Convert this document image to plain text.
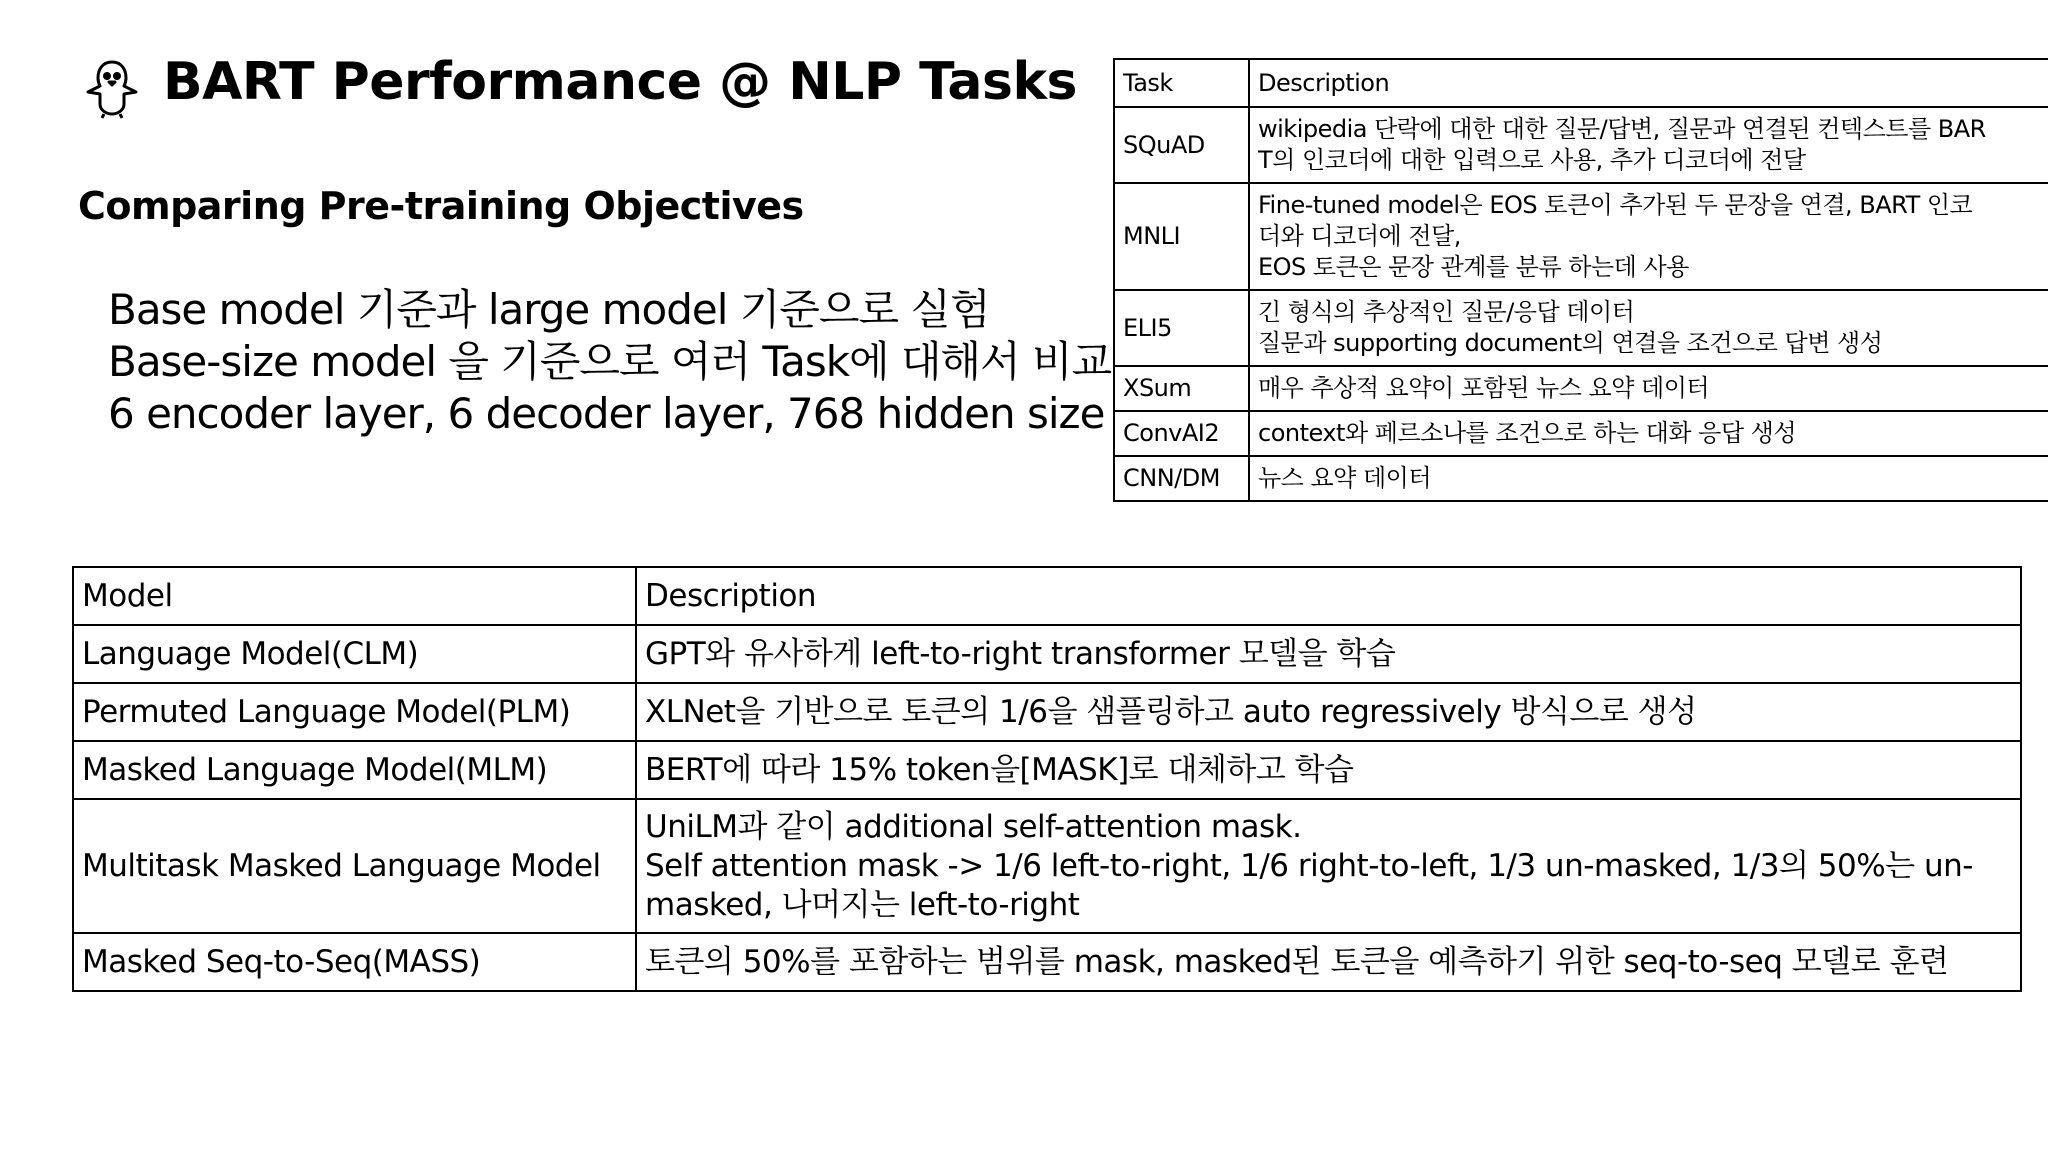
BART Performance @ NLP Tasks
Comparing Pre-training Objectives
Base model 기준과 large model 기준으로 실험
Base-size model 을 기준으로 여러 Task에 대해서 비교
6 encoder layer, 6 decoder layer, 768 hidden size
Task	Description
SQuAD	wikipedia 단락에 대한 대한 질문/답변, 질문과 연결된 컨텍스트를 BAR
T의 인코더에 대한 입력으로 사용, 추가 디코더에 전달

MNLI	Fine-tuned model은 EOS 토큰이 추가된 두 문장을 연결, BART 인코
더와 디코더에 전달,
EOS 토큰은 문장 관계를 분류 하는데 사용

ELI5	긴 형식의 추상적인 질문/응답 데이터
질문과 supporting document의 연결을 조건으로 답변 생성

XSum	매우 추상적 요약이 포함된 뉴스 요약 데이터

ConvAI2	context와 페르소나를 조건으로 하는 대화 응답 생성

CNN/DM	뉴스 요약 데이터
Model	Description
Language Model(CLM)	GPT와 유사하게 left-to-right transformer 모델을 학습

Permuted Language Model(PLM)	XLNet을 기반으로 토큰의 1/6을 샘플링하고 auto regressively 방식으로 생성

Masked Language Model(MLM)	BERT에 따라 15% token을[MASK]로 대체하고 학습

Multitask Masked Language Model	UniLM과 같이 additional self-attention mask.
Self attention mask -> 1/6 left-to-right, 1/6 right-to-left, 1/3 un-masked, 1/3의 50%는 un-
masked, 나머지는 left-to-right

Masked Seq-to-Seq(MASS)	토큰의 50%를 포함하는 범위를 mask, masked된 토큰을 예측하기 위한 seq-to-seq 모델로 훈련
